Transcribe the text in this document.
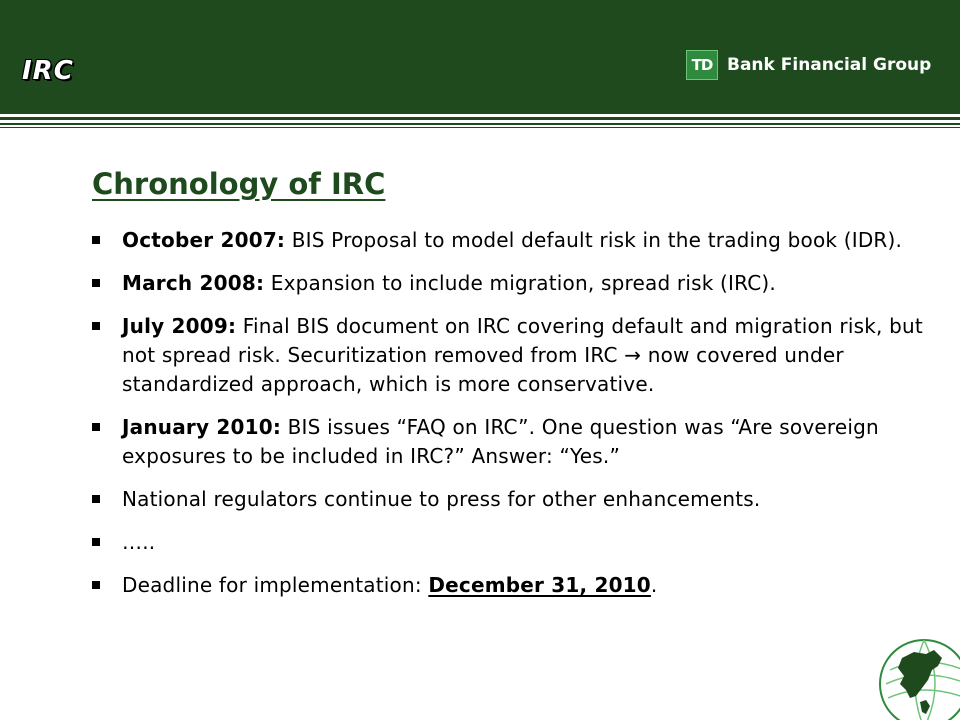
IRC	TD Bank Financial Group
Chronology of IRC
October 2007: BIS Proposal to model default risk in the trading book (IDR).
March 2008: Expansion to include migration, spread risk (IRC).
July 2009: Final BIS document on IRC covering default and migration risk, but not spread risk. Securitization removed from IRC → now covered under standardized approach, which is more conservative.
January 2010: BIS issues “FAQ on IRC”. One question was “Are sovereign exposures to be included in IRC?” Answer: “Yes.”
National regulators continue to press for other enhancements.
…..
Deadline for implementation: December 31, 2010.
